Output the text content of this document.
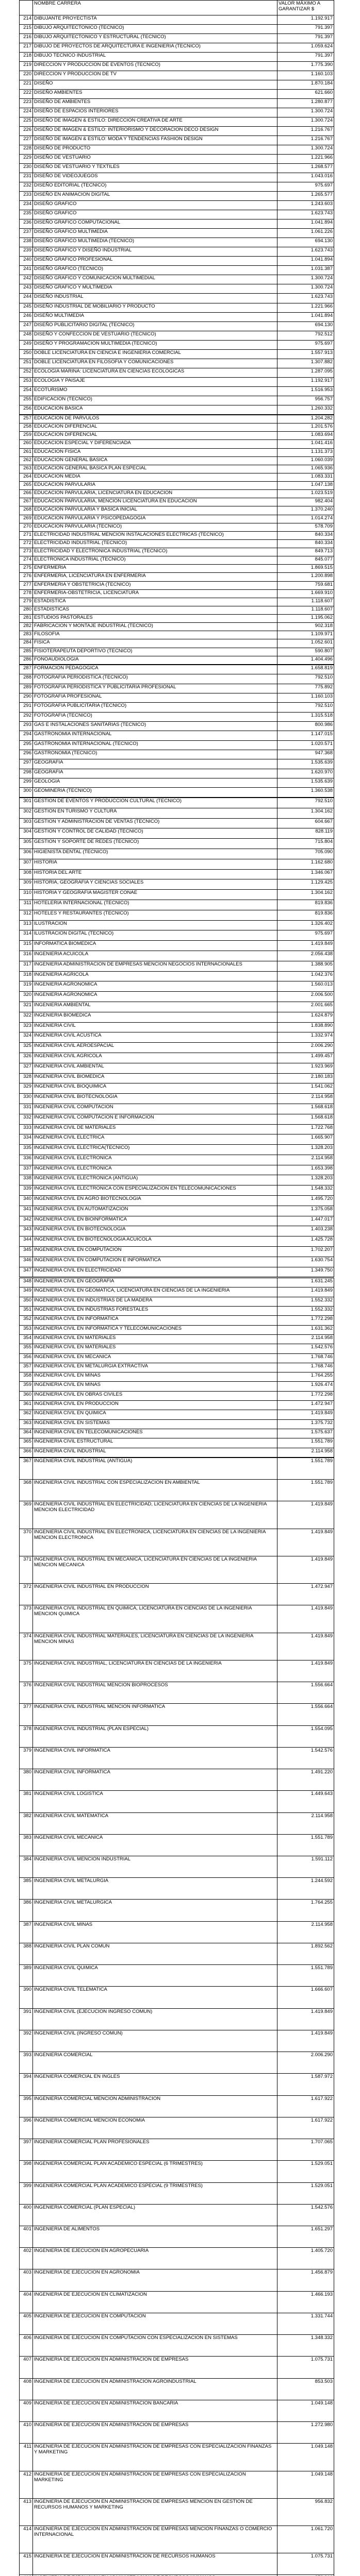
	NOMBRE CARRERA	VALOR MÁXIMO A GARANTIZAR $
214	DIBUJANTE PROYECTISTA	1.192.917
215	DIBUJO ARQUITECTONICO (TECNICO)	791.397
216	DIBUJO ARQUITECTONICO Y ESTRUCTURAL (TECNICO)	791.397
217	DIBUJO DE PROYECTOS DE ARQUITECTURA E INGENIERIA (TECNICO)	1.059.624
218	DIBUJO TECNICO INDUSTRIAL	791.397
219	DIRECCION Y PRODUCCION DE EVENTOS (TECNICO)	1.775.390
220	DIRECCION Y PRODUCCION DE TV	1.160.103
221	DISEÑO	1.870.184
222	DISEÑO AMBIENTES	621.660
223	DISEÑO DE AMBIENTES	1.280.877
224	DISEÑO DE ESPACIOS INTERIORES	1.300.724
225	DISEÑO DE IMAGEN & ESTILO: DIRECCION CREATIVA DE ARTE	1.300.724
226	DISEÑO DE IMAGEN & ESTILO: INTERIORISMO Y DECORACION DECO DESIGN	1.216.767
227	DISEÑO DE IMAGEN & ESTILO: MODA Y TENDENCIAS FASHION DESIGN	1.216.767
228	DISEÑO DE PRODUCTO	1.300.724
229	DISEÑO DE VESTUARIO	1.221.966
230	DISEÑO DE VESTUARIO Y TEXTILES	1.268.577
231	DISEÑO DE VIDEOJUEGOS	1.043.016
232	DISEÑO EDITORIAL (TECNICO)	975.697
233	DISEÑO EN ANIMACION DIGITAL	1.265.577
234	DISEÑO GRAFICO	1.243.603
235	DISEÑO GRAFICO	1.623.743
236	DISEÑO GRAFICO COMPUTACIONAL	1.041.894
237	DISEÑO GRAFICO MULTIMEDIA	1.061.226
238	DISEÑO GRAFICO MULTIMEDIA (TECNICO)	694.130
239	DISEÑO GRAFICO Y DISEÑO INDUSTRIAL	1.623.743
240	DISEÑO GRAFICO PROFESIONAL	1.041.894
241	DISEÑO GRAFICO (TECNICO)	1.031.387
242	DISEÑO GRAFICO Y COMUNICACION MULTIMEDIAL	1.300.724
243	DISEÑO GRAFICO Y MULTIMEDIA	1.300.724
244	DISEÑO INDUSTRIAL	1.623.743
245	DISEÑO INDUSTRIAL DE MOBILIARIO Y PRODUCTO	1.221.966
246	DISEÑO MULTIMEDIA	1.041.894
247	DISEÑO PUBLICITARIO DIGITAL (TECNICO)	694.130
248	DISEÑO Y CONFECCION DE VESTUARIO (TECNICO)	792.512
249	DISEÑO Y PROGRAMACION MULTIMEDIA (TECNICO)	975.697
250	DOBLE LICENCIATURA EN CIENCIA E INGENIERIA COMERCIAL	1.557.913
251	DOBLE LICENCIATURA EN FILOSOFIA Y COMUNICACIONES	1.307.882
252	ECOLOGIA MARINA: LICENCIATURA EN CIENCIAS ECOLOGICAS	1.287.095
253	ECOLOGIA Y PAISAJE	1.192.917
254	ECOTURISMO	1.516.953
255	EDIFICACION (TECNICO)	956.757
256	EDUCACION BASICA	1.260.332
257	EDUCACION DE PARVULOS	1.204.282
258	EDUCACION DIFERENCIAL	1.201.576
259	EDUCACION DIFERENCIAL	1.083.694
260	EDUCACION ESPECIAL Y DIFERENCIADA	1.041.416
261	EDUCACION FISICA	1.131.373
262	EDUCACION GENERAL BASICA	1.060.039
263	EDUCACION GENERAL BASICA PLAN ESPECIAL	1.065.936
264	EDUCACION MEDIA	1.083.331
265	EDUCACION PARVULARIA	1.047.138
266	EDUCACION PARVULARIA, LICENCIATURA EN EDUCACION	1.023.519
267	EDUCACION PARVULARIA, MENCION LICENCIATURA EN EDUCACION	982.404
268	EDUCACION PARVULARIA Y BASICA INICIAL	1.370.240
269	EDUCACION PARVULARIA Y PSICOPEDAGOGIA	1.014.274
270	EDUCACION PARVULARIA (TECNICO)	578.709
271	ELECTRICIDAD INDUSTRIAL MENCION INSTALACIONES ELECTRICAS (TECNICO)	840.334
272	ELECTRICIDAD INDUSTRIAL (TECNICO)	840.334
273	ELECTRICIDAD Y ELECTRONICA INDUSTRIAL (TECNICO)	849.713
274	ELECTRONICA INDUSTRIAL (TECNICO)	845.077
275	ENFERMERIA	1.869.515
276	ENFERMERIA, LICENCIATURA EN ENFERMERIA	1.200.898
277	ENFERMERIA Y OBSTETRICIA (TECNICO)	759.681
278	ENFERMERIA-OBSTETRICIA, LICENCIATURA	1.669.910
279	ESTADISTICA	1.118.607
280	ESTADISTICAS	1.118.607
281	ESTUDIOS PASTORALES	1.195.062
282	FABRICACION Y MONTAJE INDUSTRIAL (TECNICO)	902.318
283	FILOSOFIA	1.109.971
284	FISICA	1.052.601
285	FISIOTERAPEUTA DEPORTIVO (TECNICO)	590.807
286	FONOAUDIOLOGIA	1.404.496
287	FORMACION PEDAGOGICA	1.658.819
288	FOTOGRAFIA PERIODISTICA (TECNICO)	792.510
289	FOTOGRAFIA PERIODISTICA Y PUBLICITARIA PROFESIONAL	775.892
290	FOTOGRAFIA PROFESIONAL	1.160.103
291	FOTOGRAFIA PUBLICITARIA (TECNICO)	792.510
292	FOTOGRAFIA (TECNICO)	1.315.518
293	GAS E INSTALACIONES SANITARIAS (TECNICO)	800.986
294	GASTRONOMIA INTERNACIONAL	1.147.015
295	GASTRONOMIA INTERNACIONAL (TECNICO)	1.020.571
296	GASTRONOMIA (TECNICO)	947.368
297	GEOGRAFIA	1.535.639
298	GEOGRAFIA	1.620.970
299	GEOLOGIA	1.535.639
300	GEOMINERIA (TECNICO)	1.360.538
301	GESTION DE EVENTOS Y PRODUCCION CULTURAL (TECNICO)	792.510
302	GESTION EN TURISMO Y CULTURA	1.304.162
303	GESTION Y ADMINISTRACION DE VENTAS (TECNICO)	604.667
304	GESTION Y CONTROL DE CALIDAD (TECNICO)	828.119
305	GESTION Y SOPORTE DE REDES (TECNICO)	715.804
306	HIGIENISTA DENTAL (TECNICO)	705.090
307	HISTORIA	1.162.680
308	HISTORIA DEL ARTE	1.346.067
309	HISTORIA, GEOGRAFIA Y CIENCIAS SOCIALES	1.129.425
310	HISTORIA Y GEOGRAFIA MAGISTER CONAE	1.304.162
311	HOTELERIA INTERNACIONAL (TECNICO)	819.836
312	HOTELES Y RESTAURANTES (TECNICO)	819.836
313	ILUSTRACION	1.326.402
314	ILUSTRACION DIGITAL (TECNICO)	975.697
315	INFORMATICA BIOMEDICA	1.419.849
316	INGENIERIA ACUICOLA	2.056.438
317	INGENIERIA ADMINISTRACION DE EMPRESAS MENCION NEGOCIOS INTERNACIONALES	1.388.905
318	INGENIERIA AGRICOLA	1.042.376
319	INGENIERIA AGRONOMICA	1.560.013
320	INGENIERIA AGRONOMICA	2.006.500
321	INGENIERIA AMBIENTAL	2.001.665
322	INGENIERIA BIOMEDICA	1.624.879
323	INGENIERIA CIVIL	1.838.890
324	INGENIERIA CIVIL ACUSTICA	1.332.974
325	INGENIERIA CIVIL AEROESPACIAL	2.006.290
326	INGENIERIA CIVIL AGRICOLA	1.499.457
327	INGENIERIA CIVIL AMBIENTAL	1.923.969
328	INGENIERIA CIVIL BIOMEDICA	2.180.183
329	INGENIERIA CIVIL BIOQUIMICA	1.541.062
330	INGENIERIA CIVIL BIOTECNOLOGIA	2.114.958
331	INGENIERIA CIVIL COMPUTACION	1.568.618
332	INGENIERIA CIVIL COMPUTACION E INFORMACION	1.568.618
333	INGENIERIA CIVIL DE MATERIALES	1.722.768
334	INGENIERIA CIVIL ELECTRICA	1.665.907
335	INGENIERIA CIVIL ELECTRICA(TECNICO)	1.328.203
336	INGENIERIA CIVIL ELECTRONICA	2.114.958
337	INGENIERIA CIVIL ELECTRONICA	1.653.398
338	INGENIERIA CIVIL ELECTRONICA (ANTIGUA)	1.328.203
339	INGENIERIA CIVIL ELECTRONICA CON ESPECIALIZACION EN TELECOMUNICACIONES	1.548.332
340	INGENIERIA CIVIL EN AGRO BIOTECNOLOGIA	1.495.720
341	INGENIERIA CIVIL EN AUTOMATIZACION	1.375.058
342	INGENIERIA CIVIL EN BIOINFORMATICA	1.447.017
343	INGENIERIA CIVIL EN BIOTECNOLOGIA	1.403.238
344	INGENIERIA CIVIL EN BIOTECNOLOGIA ACUICOLA	1.425.728
345	INGENIERIA CIVIL EN COMPUTACION	1.702.207
346	INGENIERIA CIVIL EN COMPUTACION E INFORMATICA	1.630.754
347	INGENIERIA CIVIL EN ELECTRICIDAD	1.349.750
348	INGENIERIA CIVIL EN GEOGRAFIA	1.631.245
349	INGENIERIA CIVIL EN GEOMATICA, LICENCIATURA EN CIENCIAS DE LA INGENIERIA	1.419.849
350	INGENIERIA CIVIL EN INDUSTRIAS DE LA MADERA	1.552.332
351	INGENIERIA CIVIL EN INDUSTRIAS FORESTALES	1.552.332
352	INGENIERIA CIVIL EN INFORMATICA	1.772.298
353	INGENIERIA CIVIL EN INFORMATICA Y TELECOMUNICACIONES	1.631.362
354	INGENIERIA CIVIL EN MATERIALES	2.114.958
355	INGENIERIA CIVIL EN MATERIALES	1.542.576
356	INGENIERIA CIVIL EN MECANICA	1.768.746
357	INGENIERIA CIVIL EN METALURGIA EXTRACTIVA	1.768.746
358	INGENIERIA CIVIL EN MINAS	1.764.255
359	INGENIERIA CIVIL EN MINAS	1.926.474
360	INGENIERIA CIVIL EN OBRAS CIVILES	1.772.298
361	INGENIERIA CIVIL EN PRODUCCION	1.472.947
362	INGENIERIA CIVIL EN QUIMICA	1.419.849
363	INGENIERIA CIVIL EN SISTEMAS	1.375.732
364	INGENIERIA CIVIL EN TELECOMUNICACIONES	1.575.637
365	INGENIERIA CIVIL ESTRUCTURAL	1.551.789
366	INGENIERIA CIVIL INDUSTRIAL	2.114.958
367	INGENIERIA CIVIL INDUSTRIAL (ANTIGUA)	1.551.789
368	INGENIERIA CIVIL INDUSTRIAL CON ESPECIALIZACION EN AMBIENTAL	1.551.789
369	INGENIERIA CIVIL INDUSTRIAL EN ELECTRICIDAD, LICENCIATURA EN CIENCIAS DE LA INGENIERIA MENCION ELECTRICIDAD	1.419.849
370	INGENIERIA CIVIL INDUSTRIAL EN ELECTRONICA, LICENCIATURA EN CIENCIAS DE LA INGENIERIA MENCION ELECTRONICA	1.419.849
371	INGENIERIA CIVIL INDUSTRIAL EN MECANICA, LICENCIATURA EN CIENCIAS DE LA INGENIERIA MENCION MECANICA	1.419.849
372	INGENIERIA CIVIL INDUSTRIAL EN PRODUCCION	1.472.947
373	INGENIERIA CIVIL INDUSTRIAL EN QUIMICA, LICENCIATURA EN CIENCIAS DE LA INGENIERIA MENCION QUIMICA	1.419.849
374	INGENIERIA CIVIL INDUSTRIAL MATERIALES, LICENCIATURA EN CIENCIAS DE LA INGENIERIA MENCION MINAS	1.419.849
375	INGENIERIA CIVIL INDUSTRIAL, LICENCIATURA EN CIENCIAS DE LA INGENIERIA	1.419.849
376	INGENIERIA CIVIL INDUSTRIAL MENCION BIOPROCESOS	1.556.664
377	INGENIERIA CIVIL INDUSTRIAL MENCION INFORMATICA	1.556.664
378	INGENIERIA CIVIL INDUSTRIAL (PLAN ESPECIAL)	1.554.095
379	INGENIERIA CIVIL INFORMATICA	1.542.576
380	INGENIERIA CIVIL INFORMATICA	1.491.220
381	INGENIERIA CIVIL LOGISTICA	1.449.643
382	INGENIERIA CIVIL MATEMATICA	2.114.958
383	INGENIERIA CIVIL MECANICA	1.551.789
384	INGENIERIA CIVIL MENCION INDUSTRIAL	1.591.112
385	INGENIERIA CIVIL METALURGIA	1.244.592
386	INGENIERIA CIVIL METALURGICA	1.764.255
387	INGENIERIA CIVIL MINAS	2.114.958
388	INGENIERIA CIVIL PLAN COMUN	1.892.562
389	INGENIERIA CIVIL QUIMICA	1.551.789
390	INGENIERIA CIVIL TELEMATICA	1.666.607
391	INGENIERIA CIVIL (EJECUCION INGRESO COMUN)	1.419.849
392	INGENIERIA CIVIL (INGRESO COMUN)	1.419.849
393	INGENIERIA COMERCIAL	2.006.290
394	INGENIERIA COMERCIAL EN INGLES	1.587.972
395	INGENIERIA COMERCIAL MENCION ADMINISTRACION	1.617.922
396	INGENIERIA COMERCIAL MENCION ECONOMIA	1.617.922
397	INGENIERIA COMERCIAL PLAN PROFESIONALES	1.707.065
398	INGENIERIA COMERCIAL PLAN ACADEMICO ESPECIAL (6 TRIMESTRES)	1.529.051
399	INGENIERIA COMERCIAL PLAN ACADEMICO ESPECIAL (9 TRIMESTRES)	1.529.051
400	INGENIERIA COMERCIAL (PLAN ESPECIAL)	1.542.576
401	INGENIERIA DE ALIMENTOS	1.651.297
402	INGENIERIA DE EJECUCION EN AGROPECUARIA	1.405.720
403	INGENIERIA DE EJECUCION EN AGRONOMIA	1.456.879
404	INGENIERIA DE EJECUCION EN CLIMATIZACION	1.466.193
405	INGENIERIA DE EJECUCION EN COMPUTACION	1.331.744
406	INGENIERIA DE EJECUCION EN COMPUTACION CON ESPECIALIZACION EN SISTEMAS	1.348.332
407	INGENIERIA DE EJECUCION EN ADMINISTRACION DE EMPRESAS	1.075.731
408	INGENIERIA DE EJECUCION EN ADMINISTRACION AGROINDUSTRIAL	853.503
409	INGENIERIA DE EJECUCION EN ADMINISTRACION BANCARIA	1.049.148
410	INGENIERIA DE EJECUCION EN ADMINISTRACION DE EMPRESAS	1.272.980
411	INGENIERIA DE EJECUCION EN ADMINISTRACION DE EMPRESAS CON ESPECIALIZACION FINANZAS Y MARKETING	1.049.148
412	INGENIERIA DE EJECUCION EN ADMINISTRACION DE EMPRESAS CON ESPECIALIZACION MARKETING	1.049.148
413	INGENIERIA DE EJECUCION EN ADMINISTRACION DE EMPRESAS MENCION EN GESTION DE RECURSOS HUMANOS Y MARKETING	956.832
414	INGENIERIA DE EJECUCION EN ADMINISTRACION DE EMPRESAS MENCION FINANZAS O COMERCIO INTERNACIONAL	1.061.720
415	INGENIERIA DE EJECUCION EN ADMINISTRACION DE RECURSOS HUMANOS	1.075.731
